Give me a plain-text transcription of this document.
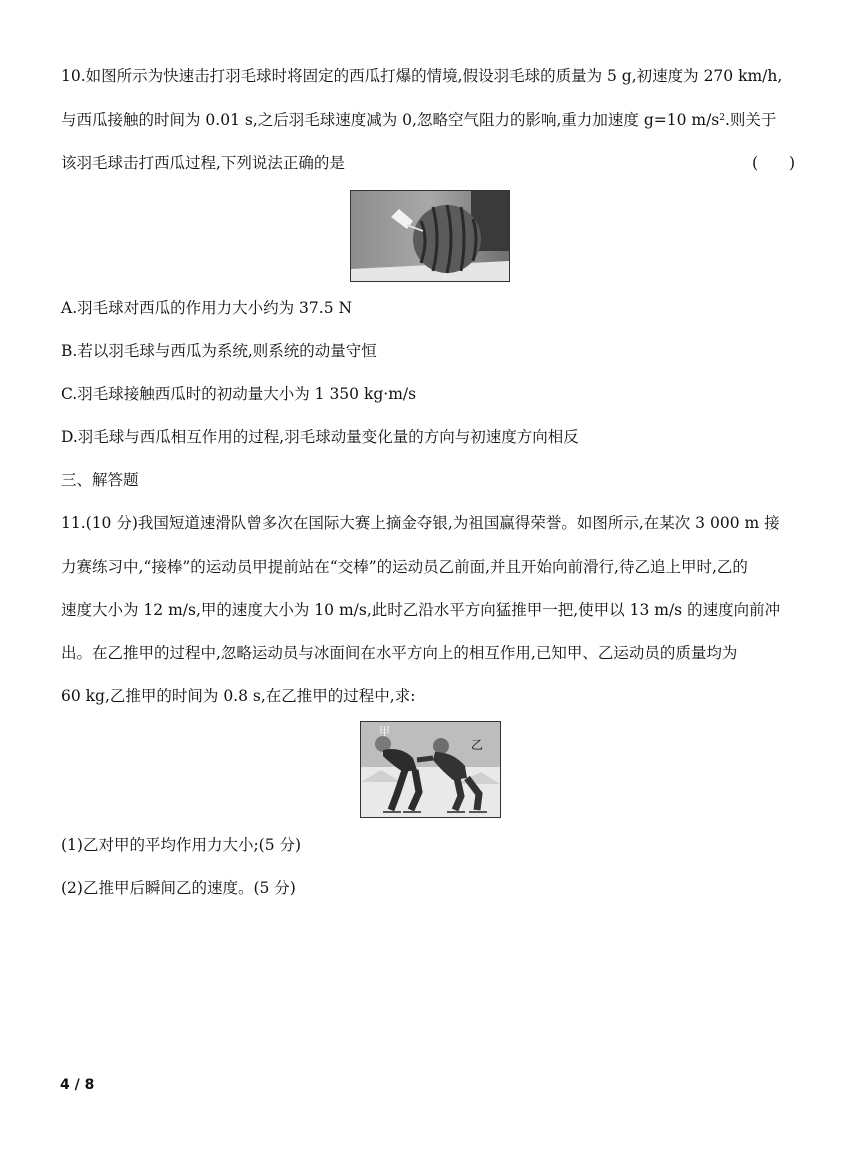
10.如图所示为快速击打羽毛球时将固定的西瓜打爆的情境,假设羽毛球的质量为 5 g,初速度为 270 km/h,
与西瓜接触的时间为 0.01 s,之后羽毛球速度减为 0,忽略空气阻力的影响,重力加速度 g=10 $m/s^2$.则关于
该羽毛球击打西瓜过程,下列说法正确的是	(　　)
A.羽毛球对西瓜的作用力大小约为 37.5 N
B.若以羽毛球与西瓜为系统,则系统的动量守恒
C.羽毛球接触西瓜时的初动量大小为 1 350 kg·m/s
D.羽毛球与西瓜相互作用的过程,羽毛球动量变化量的方向与初速度方向相反
三、解答题
11.(10 分)我国短道速滑队曾多次在国际大赛上摘金夺银,为祖国赢得荣誉。如图所示,在某次 3 000 m 接
力赛练习中,“接棒”的运动员甲提前站在“交棒”的运动员乙前面,并且开始向前滑行,待乙追上甲时,乙的
速度大小为 12 m/s,甲的速度大小为 10 m/s,此时乙沿水平方向猛推甲一把,使甲以 13 m/s 的速度向前冲
出。在乙推甲的过程中,忽略运动员与冰面间在水平方向上的相互作用,已知甲、乙运动员的质量均为
60 kg,乙推甲的时间为 0.8 s,在乙推甲的过程中,求:
甲
乙
(1)乙对甲的平均作用力大小;(5 分)
(2)乙推甲后瞬间乙的速度。(5 分)
4 / 8
